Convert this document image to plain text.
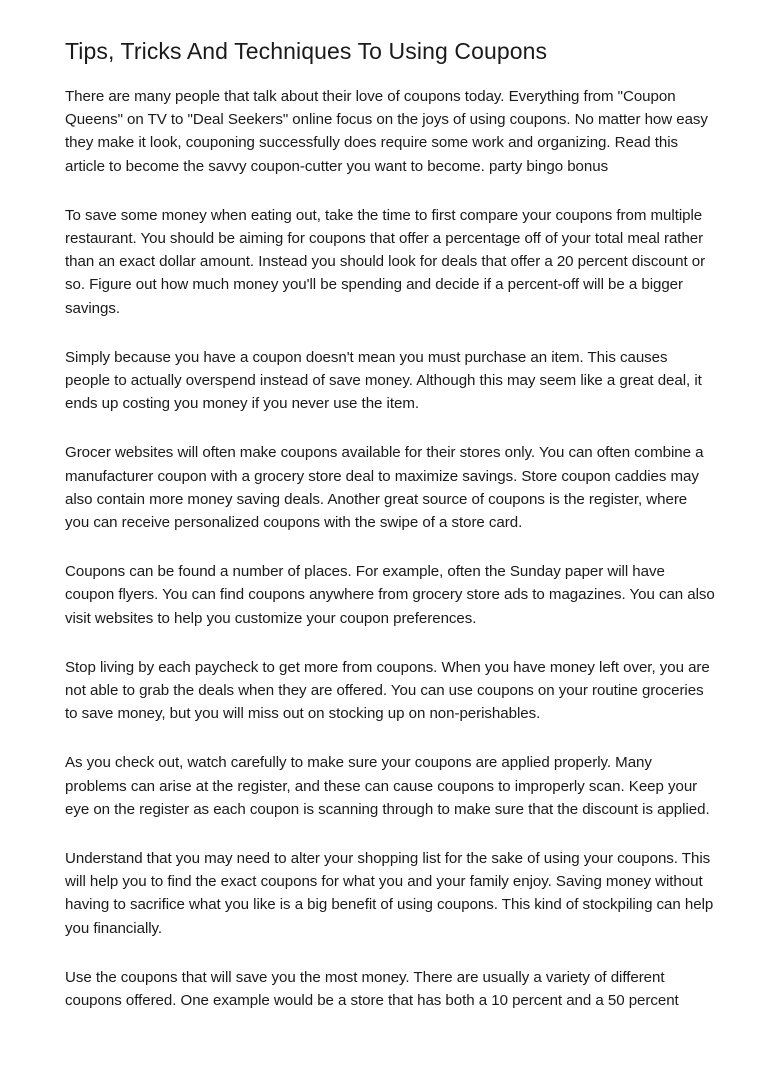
Tips, Tricks And Techniques To Using Coupons

There are many people that talk about their love of coupons today. Everything from "Coupon Queens" on TV to "Deal Seekers" online focus on the joys of using coupons. No matter how easy they make it look, couponing successfully does require some work and organizing. Read this article to become the savvy coupon-cutter you want to become. party bingo bonus

To save some money when eating out, take the time to first compare your coupons from multiple restaurant. You should be aiming for coupons that offer a percentage off of your total meal rather than an exact dollar amount. Instead you should look for deals that offer a 20 percent discount or so. Figure out how much money you'll be spending and decide if a percent-off will be a bigger savings.

Simply because you have a coupon doesn't mean you must purchase an item. This causes people to actually overspend instead of save money. Although this may seem like a great deal, it ends up costing you money if you never use the item.

Grocer websites will often make coupons available for their stores only. You can often combine a manufacturer coupon with a grocery store deal to maximize savings. Store coupon caddies may also contain more money saving deals. Another great source of coupons is the register, where you can receive personalized coupons with the swipe of a store card.

Coupons can be found a number of places. For example, often the Sunday paper will have coupon flyers. You can find coupons anywhere from grocery store ads to magazines. You can also visit websites to help you customize your coupon preferences.

Stop living by each paycheck to get more from coupons. When you have money left over, you are not able to grab the deals when they are offered. You can use coupons on your routine groceries to save money, but you will miss out on stocking up on non-perishables.

As you check out, watch carefully to make sure your coupons are applied properly. Many problems can arise at the register, and these can cause coupons to improperly scan. Keep your eye on the register as each coupon is scanning through to make sure that the discount is applied.

Understand that you may need to alter your shopping list for the sake of using your coupons. This will help you to find the exact coupons for what you and your family enjoy. Saving money without having to sacrifice what you like is a big benefit of using coupons. This kind of stockpiling can help you financially.

Use the coupons that will save you the most money. There are usually a variety of different coupons offered. One example would be a store that has both a 10 percent and a 50 percent
